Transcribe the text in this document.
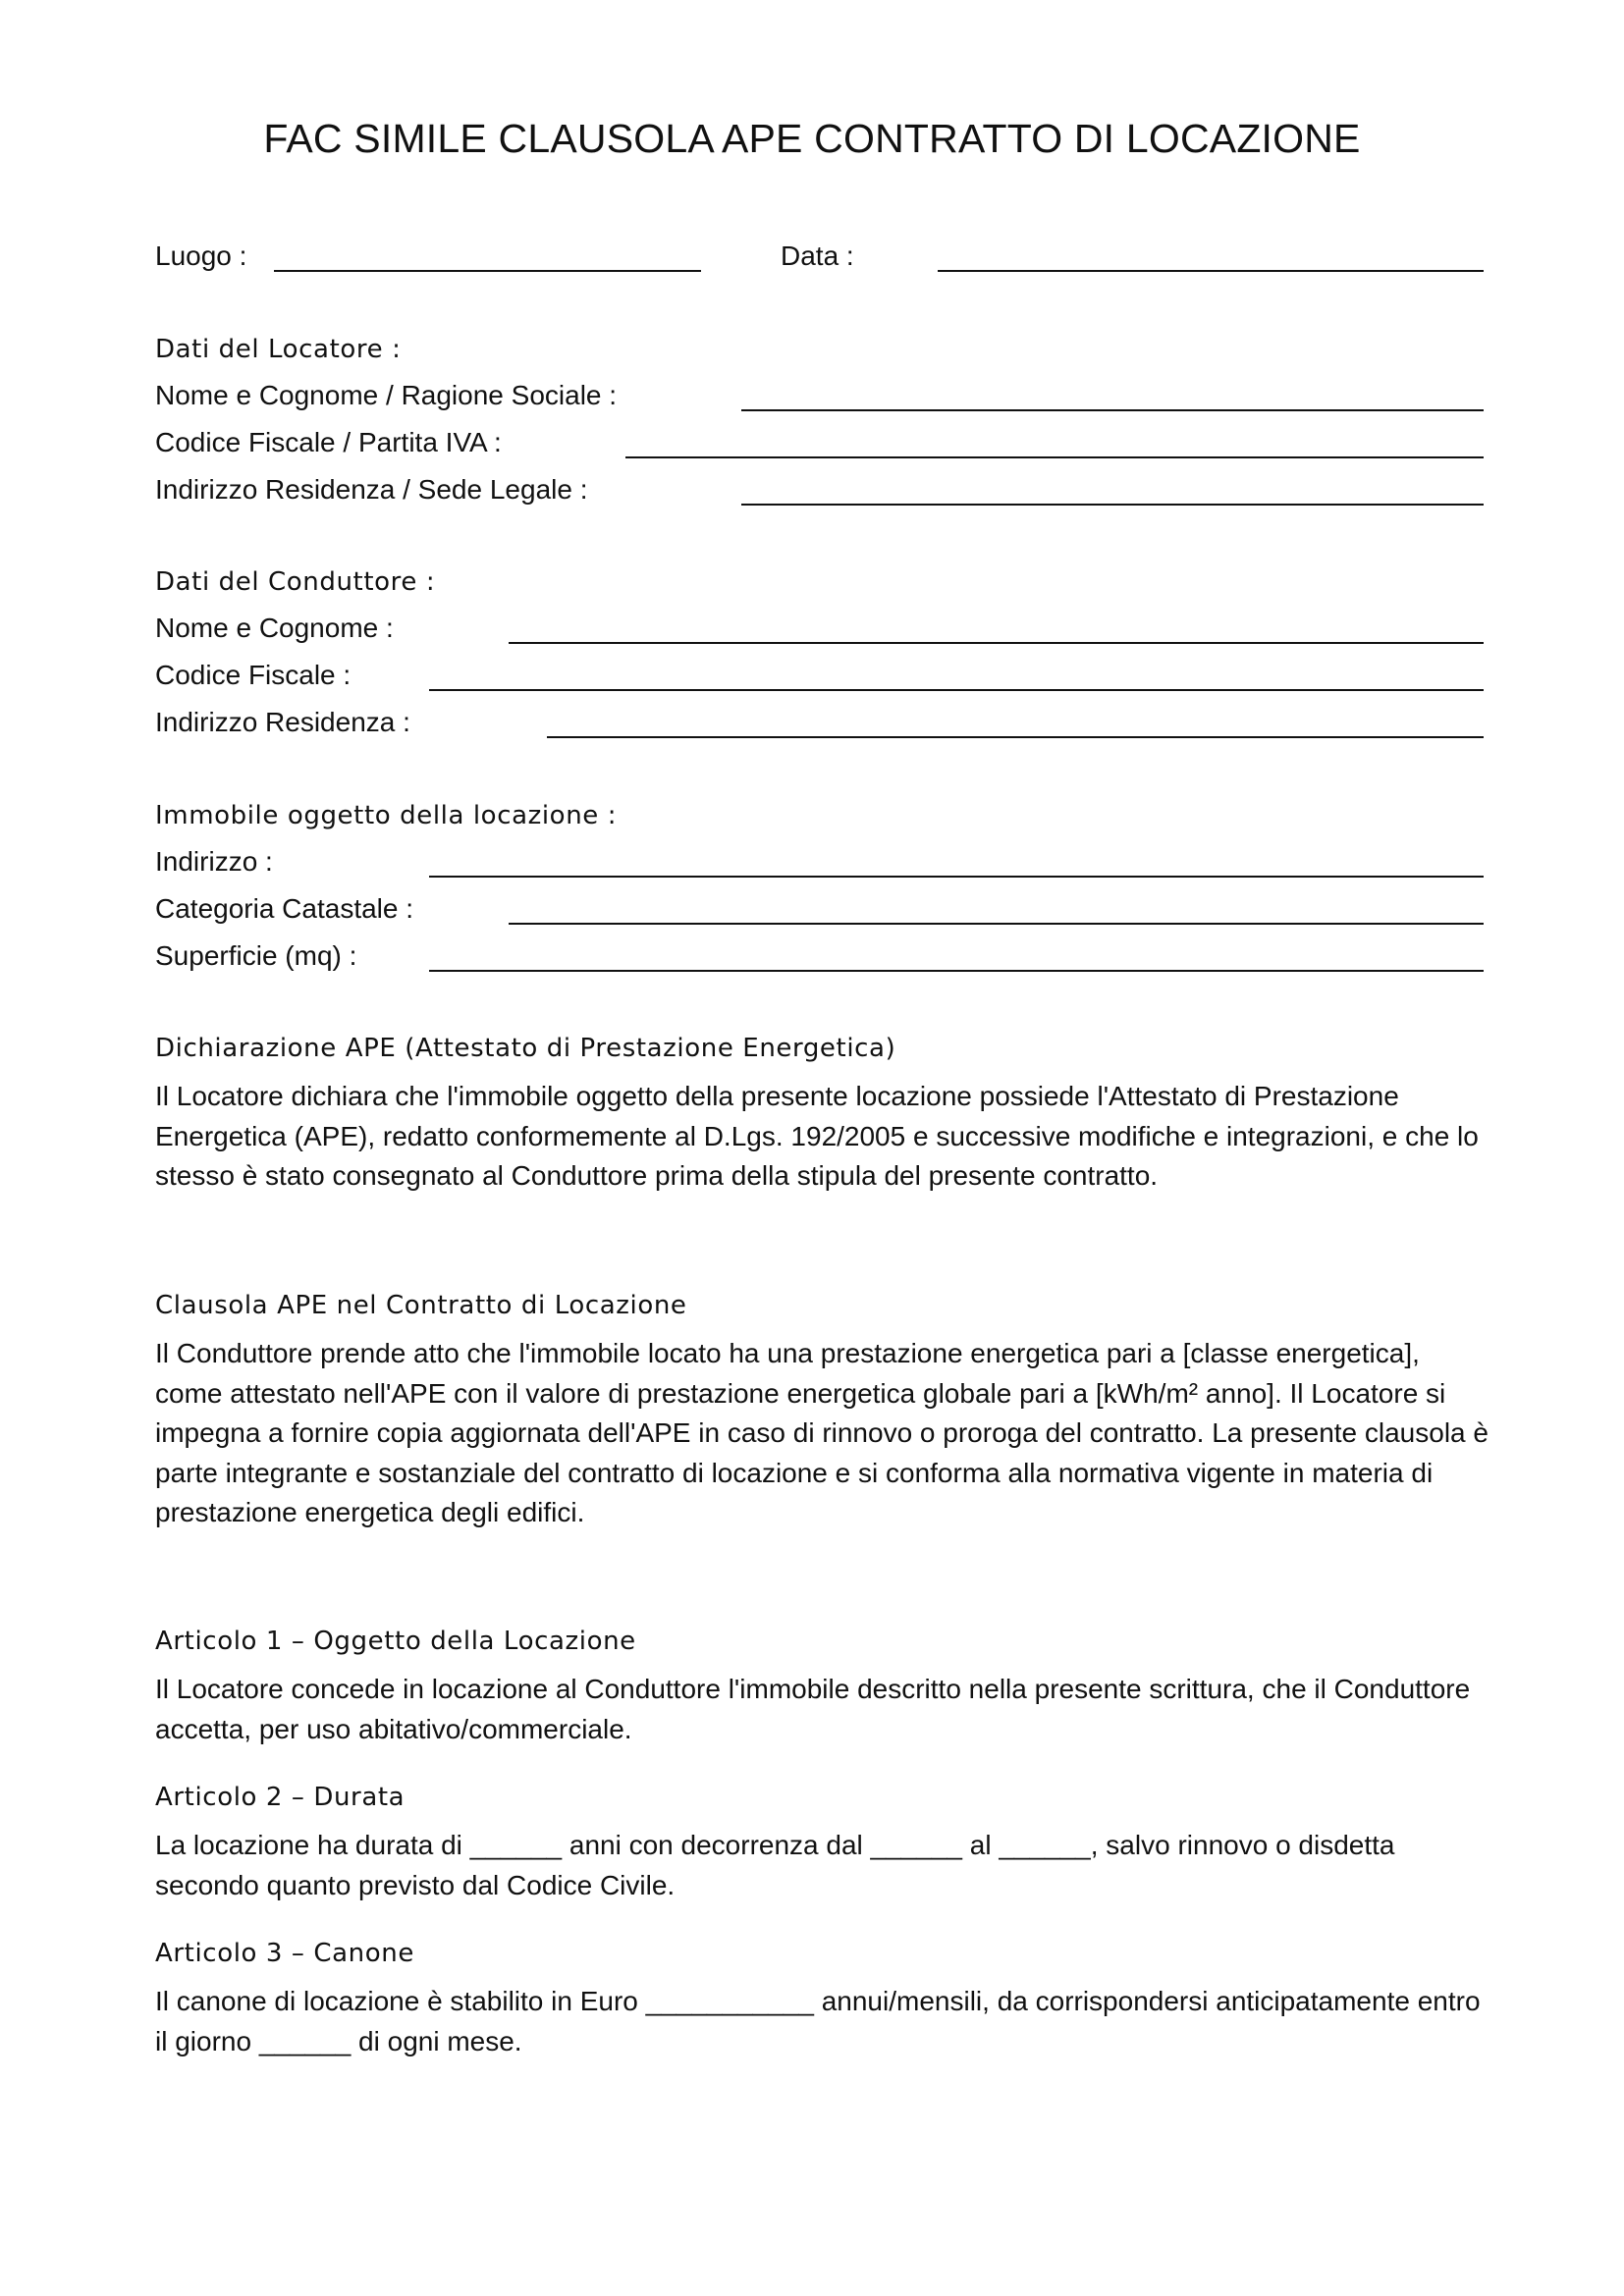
FAC SIMILE CLAUSOLA APE CONTRATTO DI LOCAZIONE
Luogo :	Data :
Dati del Locatore :
Nome e Cognome / Ragione Sociale :
Codice Fiscale / Partita IVA :
Indirizzo Residenza / Sede Legale :
Dati del Conduttore :
Nome e Cognome :
Codice Fiscale :
Indirizzo Residenza :
Immobile oggetto della locazione :
Indirizzo :
Categoria Catastale :
Superficie (mq) :
Dichiarazione APE (Attestato di Prestazione Energetica)
Il Locatore dichiara che l'immobile oggetto della presente locazione possiede l'Attestato di Prestazione Energetica (APE), redatto conformemente al D.Lgs. 192/2005 e successive modifiche e integrazioni, e che lo stesso è stato consegnato al Conduttore prima della stipula del presente contratto.
Clausola APE nel Contratto di Locazione
Il Conduttore prende atto che l'immobile locato ha una prestazione energetica pari a [classe energetica], come attestato nell'APE con il valore di prestazione energetica globale pari a [kWh/m² anno]. Il Locatore si impegna a fornire copia aggiornata dell'APE in caso di rinnovo o proroga del contratto. La presente clausola è parte integrante e sostanziale del contratto di locazione e si conforma alla normativa vigente in materia di prestazione energetica degli edifici.
Articolo 1 – Oggetto della Locazione
Il Locatore concede in locazione al Conduttore l'immobile descritto nella presente scrittura, che il Conduttore accetta, per uso abitativo/commerciale.
Articolo 2 – Durata
La locazione ha durata di ______ anni con decorrenza dal ______ al ______, salvo rinnovo o disdetta secondo quanto previsto dal Codice Civile.
Articolo 3 – Canone
Il canone di locazione è stabilito in Euro ___________ annui/mensili, da corrispondersi anticipatamente entro il giorno ______ di ogni mese.
